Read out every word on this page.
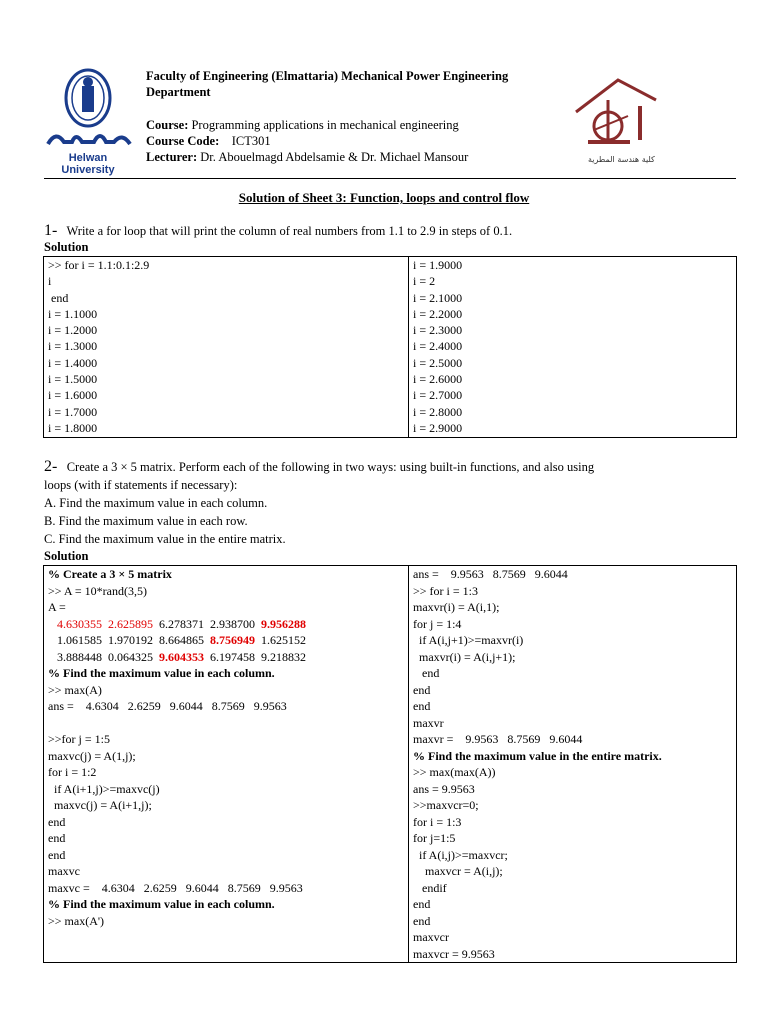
Helwan University
Faculty of Engineering (Elmattaria) Mechanical Power Engineering
Department
Course: Programming applications in mechanical engineering
Course Code: ICT301
Lecturer: Dr. Abouelmagd Abdelsamie & Dr. Michael Mansour	كلية هندسة المطرية
Solution of Sheet 3: Function, loops and control flow
1- Write a for loop that will print the column of real numbers from 1.1 to 2.9 in steps of 0.1.
Solution
>> for i = 1.1:0.1:2.9
i
end
i = 1.1000
i = 1.2000
i = 1.3000
i = 1.4000
i = 1.5000
i = 1.6000
i = 1.7000
i = 1.8000

i = 1.9000
i = 2
i = 2.1000
i = 2.2000
i = 2.3000
i = 2.4000
i = 2.5000
i = 2.6000
i = 2.7000
i = 2.8000
i = 2.9000
2- Create a 3 × 5 matrix. Perform each of the following in two ways: using built-in functions, and also using
loops (with if statements if necessary):
A. Find the maximum value in each column.
B. Find the maximum value in each row.
C. Find the maximum value in the entire matrix.
Solution
% Create a 3 × 5 matrix
>> A = 10*rand(3,5)
A =
4.630355 2.625895 6.278371 2.938700 9.956288
1.061585 1.970192 8.664865 8.756949 1.625152
3.888448 0.064325 9.604353 6.197458 9.218832
% Find the maximum value in each column.
>> max(A)
ans =    4.6304   2.6259   9.6044   8.7569   9.9563
>>for j = 1:5
maxvc(j) = A(1,j);
for i = 1:2
if A(i+1,j)>=maxvc(j)
maxvc(j) = A(i+1,j);
end
end
end
maxvc
maxvc =    4.6304   2.6259   9.6044   8.7569   9.9563
% Find the maximum value in each column.
>> max(A')

ans =    9.9563   8.7569   9.6044
>> for i = 1:3
maxvr(i) = A(i,1);
for j = 1:4
if A(i,j+1)>=maxvr(i)
maxvr(i) = A(i,j+1);
end
end
end
maxvr
maxvr =    9.9563   8.7569   9.6044
% Find the maximum value in the entire matrix.
>> max(max(A))
ans = 9.9563
>>maxvcr=0;
for i = 1:3
for j=1:5
if A(i,j)>=maxvcr;
maxvcr = A(i,j);
endif
end
end
maxvcr
maxvcr = 9.9563
